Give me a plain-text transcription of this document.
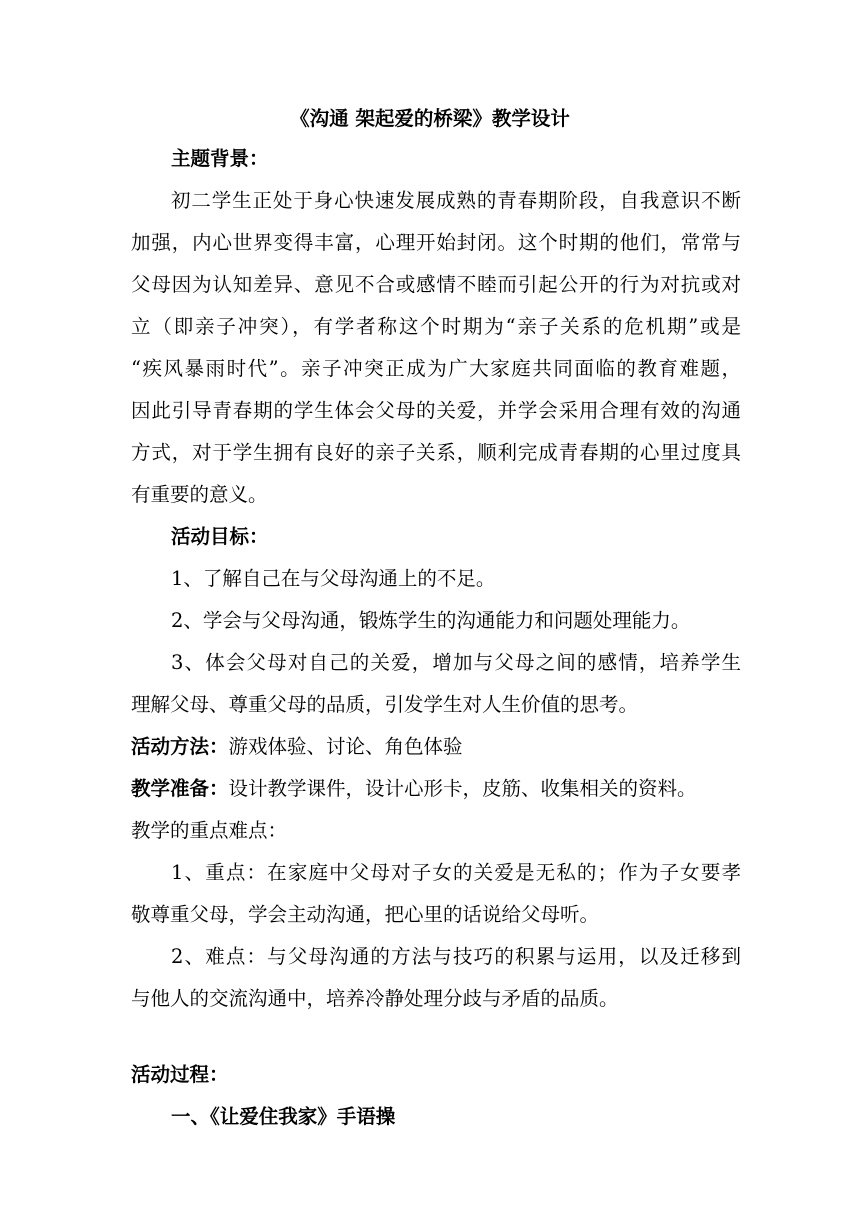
《沟通 架起爱的桥梁》教学设计
主题背景：
初二学生正处于身心快速发展成熟的青春期阶段，自我意识不断
加强，内心世界变得丰富，心理开始封闭。这个时期的他们，常常与
父母因为认知差异、意见不合或感情不睦而引起公开的行为对抗或对
立（即亲子冲突），有学者称这个时期为“亲子关系的危机期”或是
“疾风暴雨时代”。亲子冲突正成为广大家庭共同面临的教育难题，
因此引导青春期的学生体会父母的关爱，并学会采用合理有效的沟通
方式，对于学生拥有良好的亲子关系，顺利完成青春期的心里过度具
有重要的意义。
活动目标：
1、了解自己在与父母沟通上的不足。
2、学会与父母沟通，锻炼学生的沟通能力和问题处理能力。
3、体会父母对自己的关爱，增加与父母之间的感情，培养学生
理解父母、尊重父母的品质，引发学生对人生价值的思考。
活动方法：游戏体验、讨论、角色体验
教学准备：设计教学课件，设计心形卡，皮筋、收集相关的资料。
教学的重点难点：
1、重点：在家庭中父母对子女的关爱是无私的；作为子女要孝
敬尊重父母，学会主动沟通，把心里的话说给父母听。
2、难点：与父母沟通的方法与技巧的积累与运用，以及迁移到
与他人的交流沟通中，培养冷静处理分歧与矛盾的品质。
活动过程：
一、《让爱住我家》手语操
